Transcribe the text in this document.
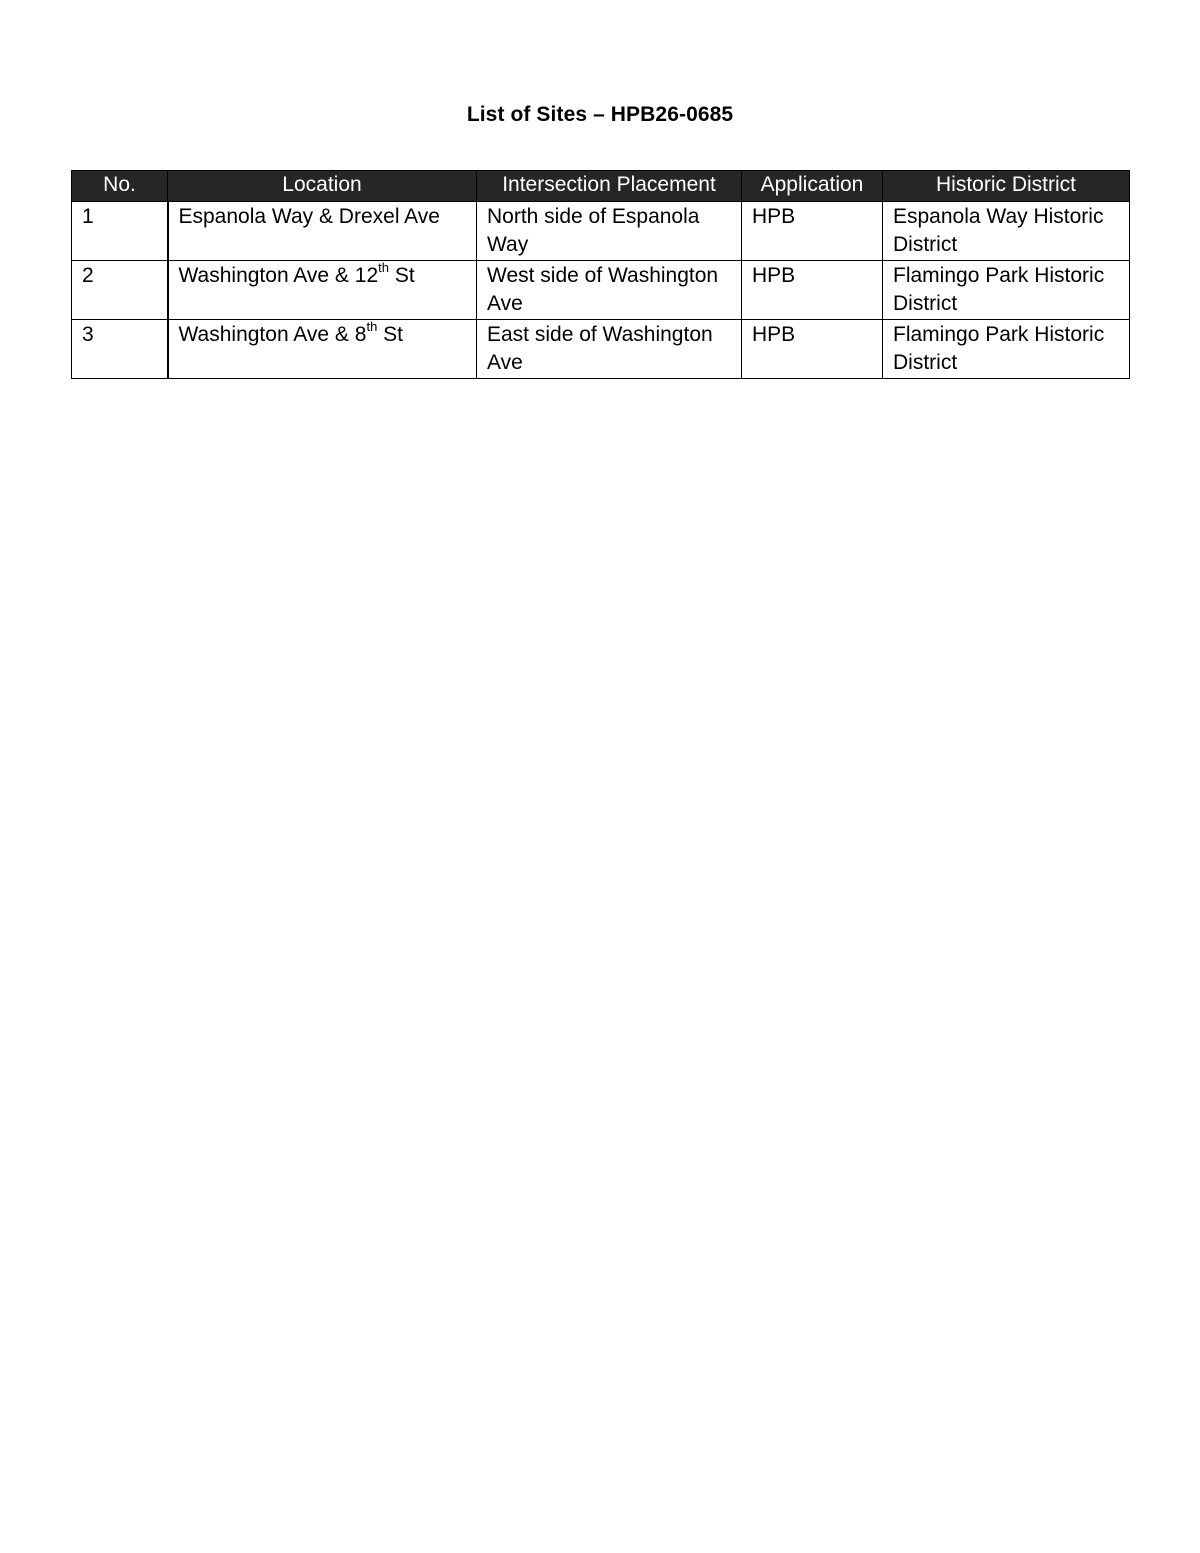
List of Sites – HPB26-0685
No.	Location	Intersection Placement	Application	Historic District
1	Espanola Way & Drexel Ave	North side of Espanola Way	HPB	Espanola Way Historic District
2	Washington Ave & 12th St	West side of Washington Ave	HPB	Flamingo Park Historic District
3	Washington Ave & 8th St	East side of Washington Ave	HPB	Flamingo Park Historic District
